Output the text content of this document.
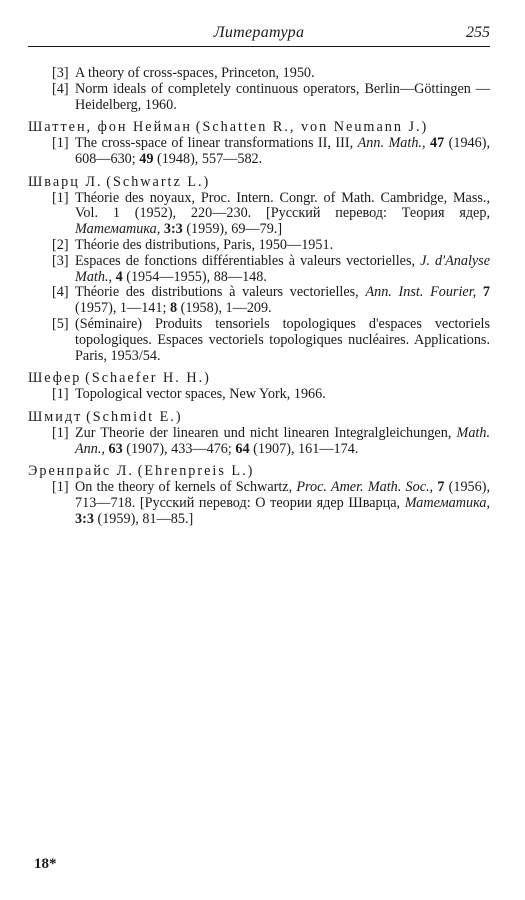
Литература	255
[3] A theory of cross-spaces, Princeton, 1950.
[4] Norm ideals of completely continuous operators, Berlin—Göttingen — Heidelberg, 1960.
Шаттен, фон Нейман (Schatten R., von Neumann J.)
[1] The cross-space of linear transformations II, III, Ann. Math., 47 (1946), 608—630; 49 (1948), 557—582.
Шварц Л. (Schwartz L.)
[1] Théorie des noyaux, Proc. Intern. Congr. of Math. Cambridge, Mass., Vol. 1 (1952), 220—230. [Русский перевод: Теория ядер, Математика, 3:3 (1959), 69—79.]
[2] Théorie des distributions, Paris, 1950—1951.
[3] Espaces de fonctions différentiables à valeurs vectorielles, J. d'Analyse Math., 4 (1954—1955), 88—148.
[4] Théorie des distributions à valeurs vectorielles, Ann. Inst. Fourier, 7 (1957), 1—141; 8 (1958), 1—209.
[5] (Séminaire) Produits tensoriels topologiques d'espaces vectoriels topologiques. Espaces vectoriels topologiques nucléaires. Applications. Paris, 1953/54.
Шефер (Schaefer H. H.)
[1] Topological vector spaces, New York, 1966.
Шмидт (Schmidt E.)
[1] Zur Theorie der linearen und nicht linearen Integralgleichungen, Math. Ann., 63 (1907), 433—476; 64 (1907), 161—174.
Эренпрайс Л. (Ehrenpreis L.)
[1] On the theory of kernels of Schwartz, Proc. Amer. Math. Soc., 7 (1956), 713—718. [Русский перевод: О теории ядер Шварца, Математика, 3:3 (1959), 81—85.]
18*
